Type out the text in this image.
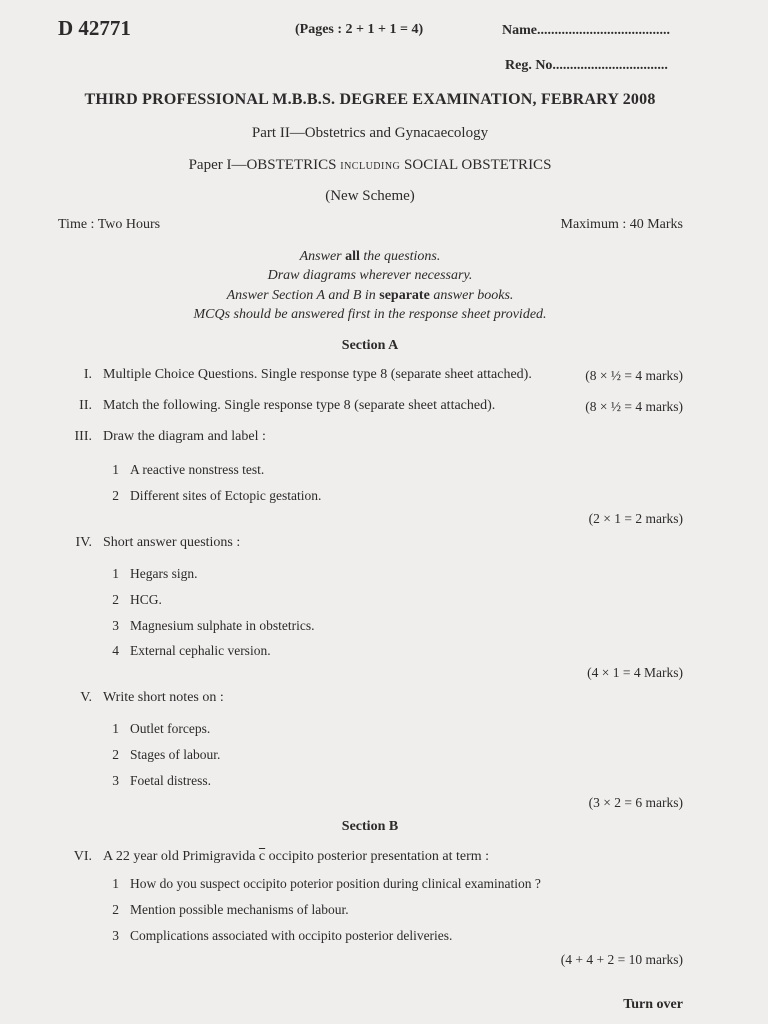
D 42771	(Pages : 2 + 1 + 1 = 4)	Name......................................
Reg. No.................................
THIRD PROFESSIONAL M.B.B.S. DEGREE EXAMINATION, FEBRARY 2008
Part II—Obstetrics and Gynacaecology
Paper I—OBSTETRICS INCLUDING SOCIAL OBSTETRICS
(New Scheme)
Time : Two Hours	Maximum : 40 Marks
Answer all the questions.
Draw diagrams wherever necessary.
Answer Section A and B in separate answer books.
MCQs should be answered first in the response sheet provided.
Section A
I. Multiple Choice Questions. Single response type 8 (separate sheet attached).	(8 × ½ = 4 marks)
II. Match the following. Single response type 8 (separate sheet attached).	(8 × ½ = 4 marks)
III. Draw the diagram and label :
1 A reactive nonstress test.
2 Different sites of Ectopic gestation.
(2 × 1 = 2 marks)
IV. Short answer questions :
1 Hegars sign.
2 HCG.
3 Magnesium sulphate in obstetrics.
4 External cephalic version.
(4 × 1 = 4 Marks)
V. Write short notes on :
1 Outlet forceps.
2 Stages of labour.
3 Foetal distress.
(3 × 2 = 6 marks)
Section B
VI. A 22 year old Primigravida $\overline{c}$ occipito posterior presentation at term :
1 How do you suspect occipito poterior position during clinical examination ?
2 Mention possible mechanisms of labour.
3 Complications associated with occipito posterior deliveries.
(4 + 4 + 2 = 10 marks)
Turn over
